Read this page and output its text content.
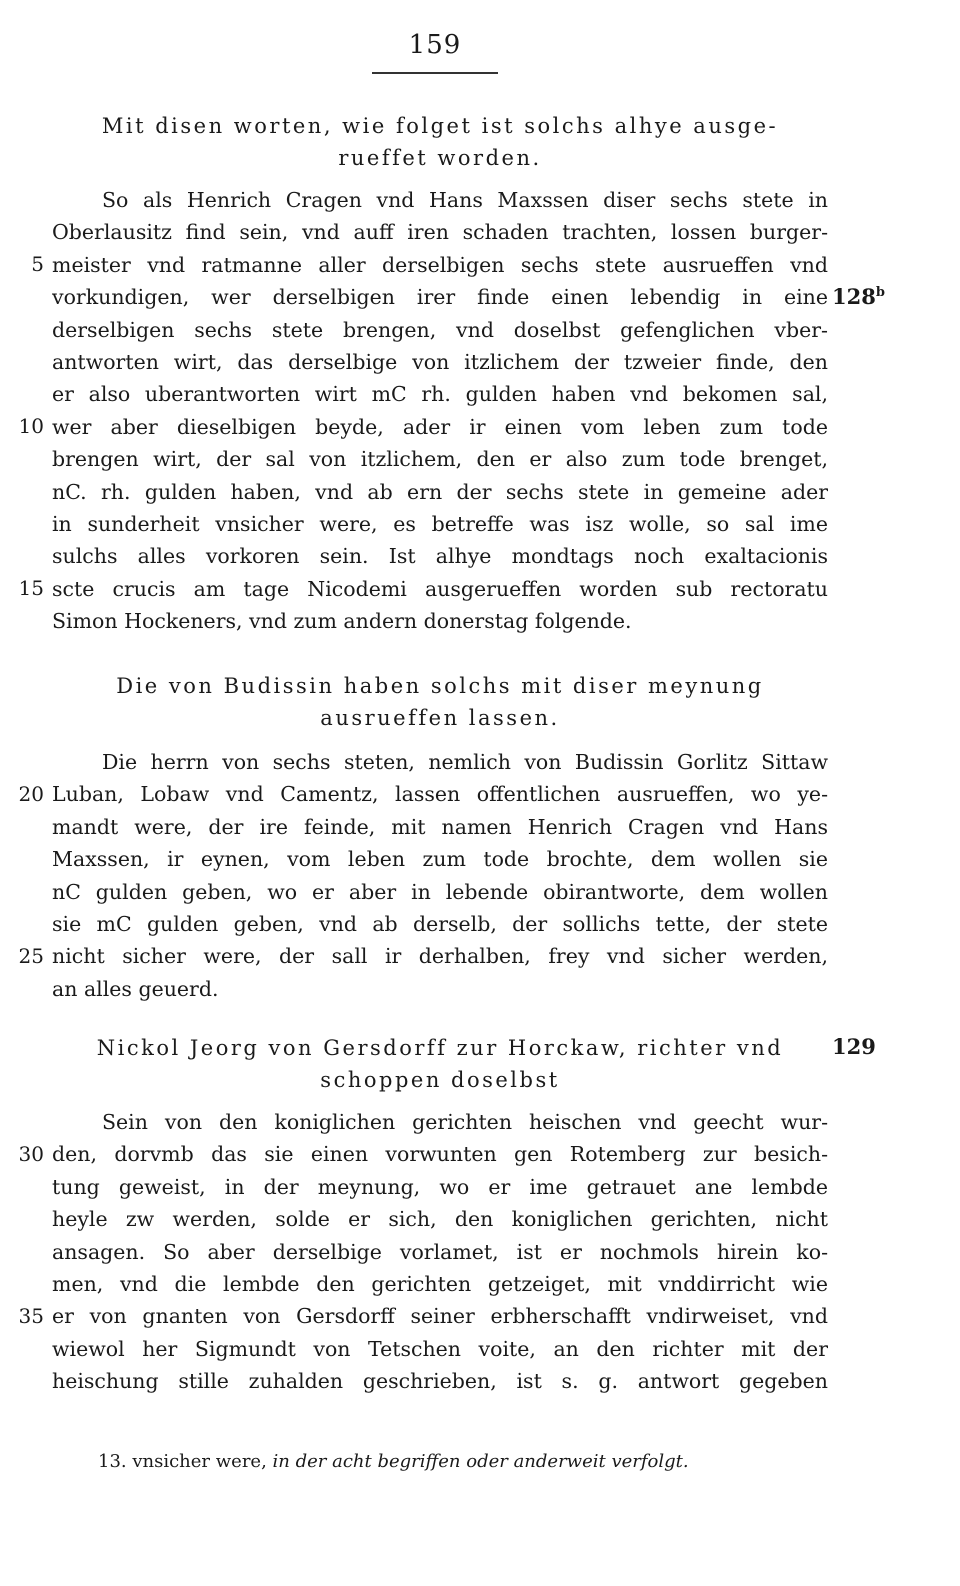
159
Mit disen worten, wie folget ist solchs alhye ausge-
rueffet worden.
So als Henrich Cragen vnd Hans Maxssen diser sechs stete in
Oberlausitz find sein, vnd auff iren schaden trachten, lossen burger-
meister vnd ratmanne aller derselbigen sechs stete ausrueffen vnd
vorkundigen, wer derselbigen irer finde einen lebendig in eine
derselbigen sechs stete brengen, vnd doselbst gefenglichen vber-
antworten wirt, das derselbige von itzlichem der tzweier finde, den
er also uberantworten wirt mC rh. gulden haben vnd bekomen sal,
wer aber dieselbigen beyde, ader ir einen vom leben zum tode
brengen wirt, der sal von itzlichem, den er also zum tode brenget,
nC. rh. gulden haben, vnd ab ern der sechs stete in gemeine ader
in sunderheit vnsicher were, es betreffe was isz wolle, so sal ime
sulchs alles vorkoren sein. Ist alhye mondtags noch exaltacionis
scte crucis am tage Nicodemi ausgerueffen worden sub rectoratu
Simon Hockeners, vnd zum andern donerstag folgende.
Die von Budissin haben solchs mit diser meynung
ausrueffen lassen.
Die herrn von sechs steten, nemlich von Budissin Gorlitz Sittaw
Luban, Lobaw vnd Camentz, lassen offentlichen ausrueffen, wo ye-
mandt were, der ire feinde, mit namen Henrich Cragen vnd Hans
Maxssen, ir eynen, vom leben zum tode brochte, dem wollen sie
nC gulden geben, wo er aber in lebende obirantworte, dem wollen
sie mC gulden geben, vnd ab derselb, der sollichs tette, der stete
nicht sicher were, der sall ir derhalben, frey vnd sicher werden,
an alles geuerd.
Nickol Jeorg von Gersdorff zur Horckaw, richter vnd
schoppen doselbst
Sein von den koniglichen gerichten heischen vnd geecht wur-
den, dorvmb das sie einen vorwunten gen Rotemberg zur besich-
tung geweist, in der meynung, wo er ime getrauet ane lembde
heyle zw werden, solde er sich, den koniglichen gerichten, nicht
ansagen. So aber derselbige vorlamet, ist er nochmols hirein ko-
men, vnd die lembde den gerichten getzeiget, mit vnddirricht wie
er von gnanten von Gersdorff seiner erbherschafft vndirweiset, vnd
wiewol her Sigmundt von Tetschen voite, an den richter mit der
heischung stille zuhalden geschrieben, ist s. g. antwort gegeben
5
10
15
20
25
30
35
128$^b$
129
13. vnsicher were, in der acht begriffen oder anderweit verfolgt.
